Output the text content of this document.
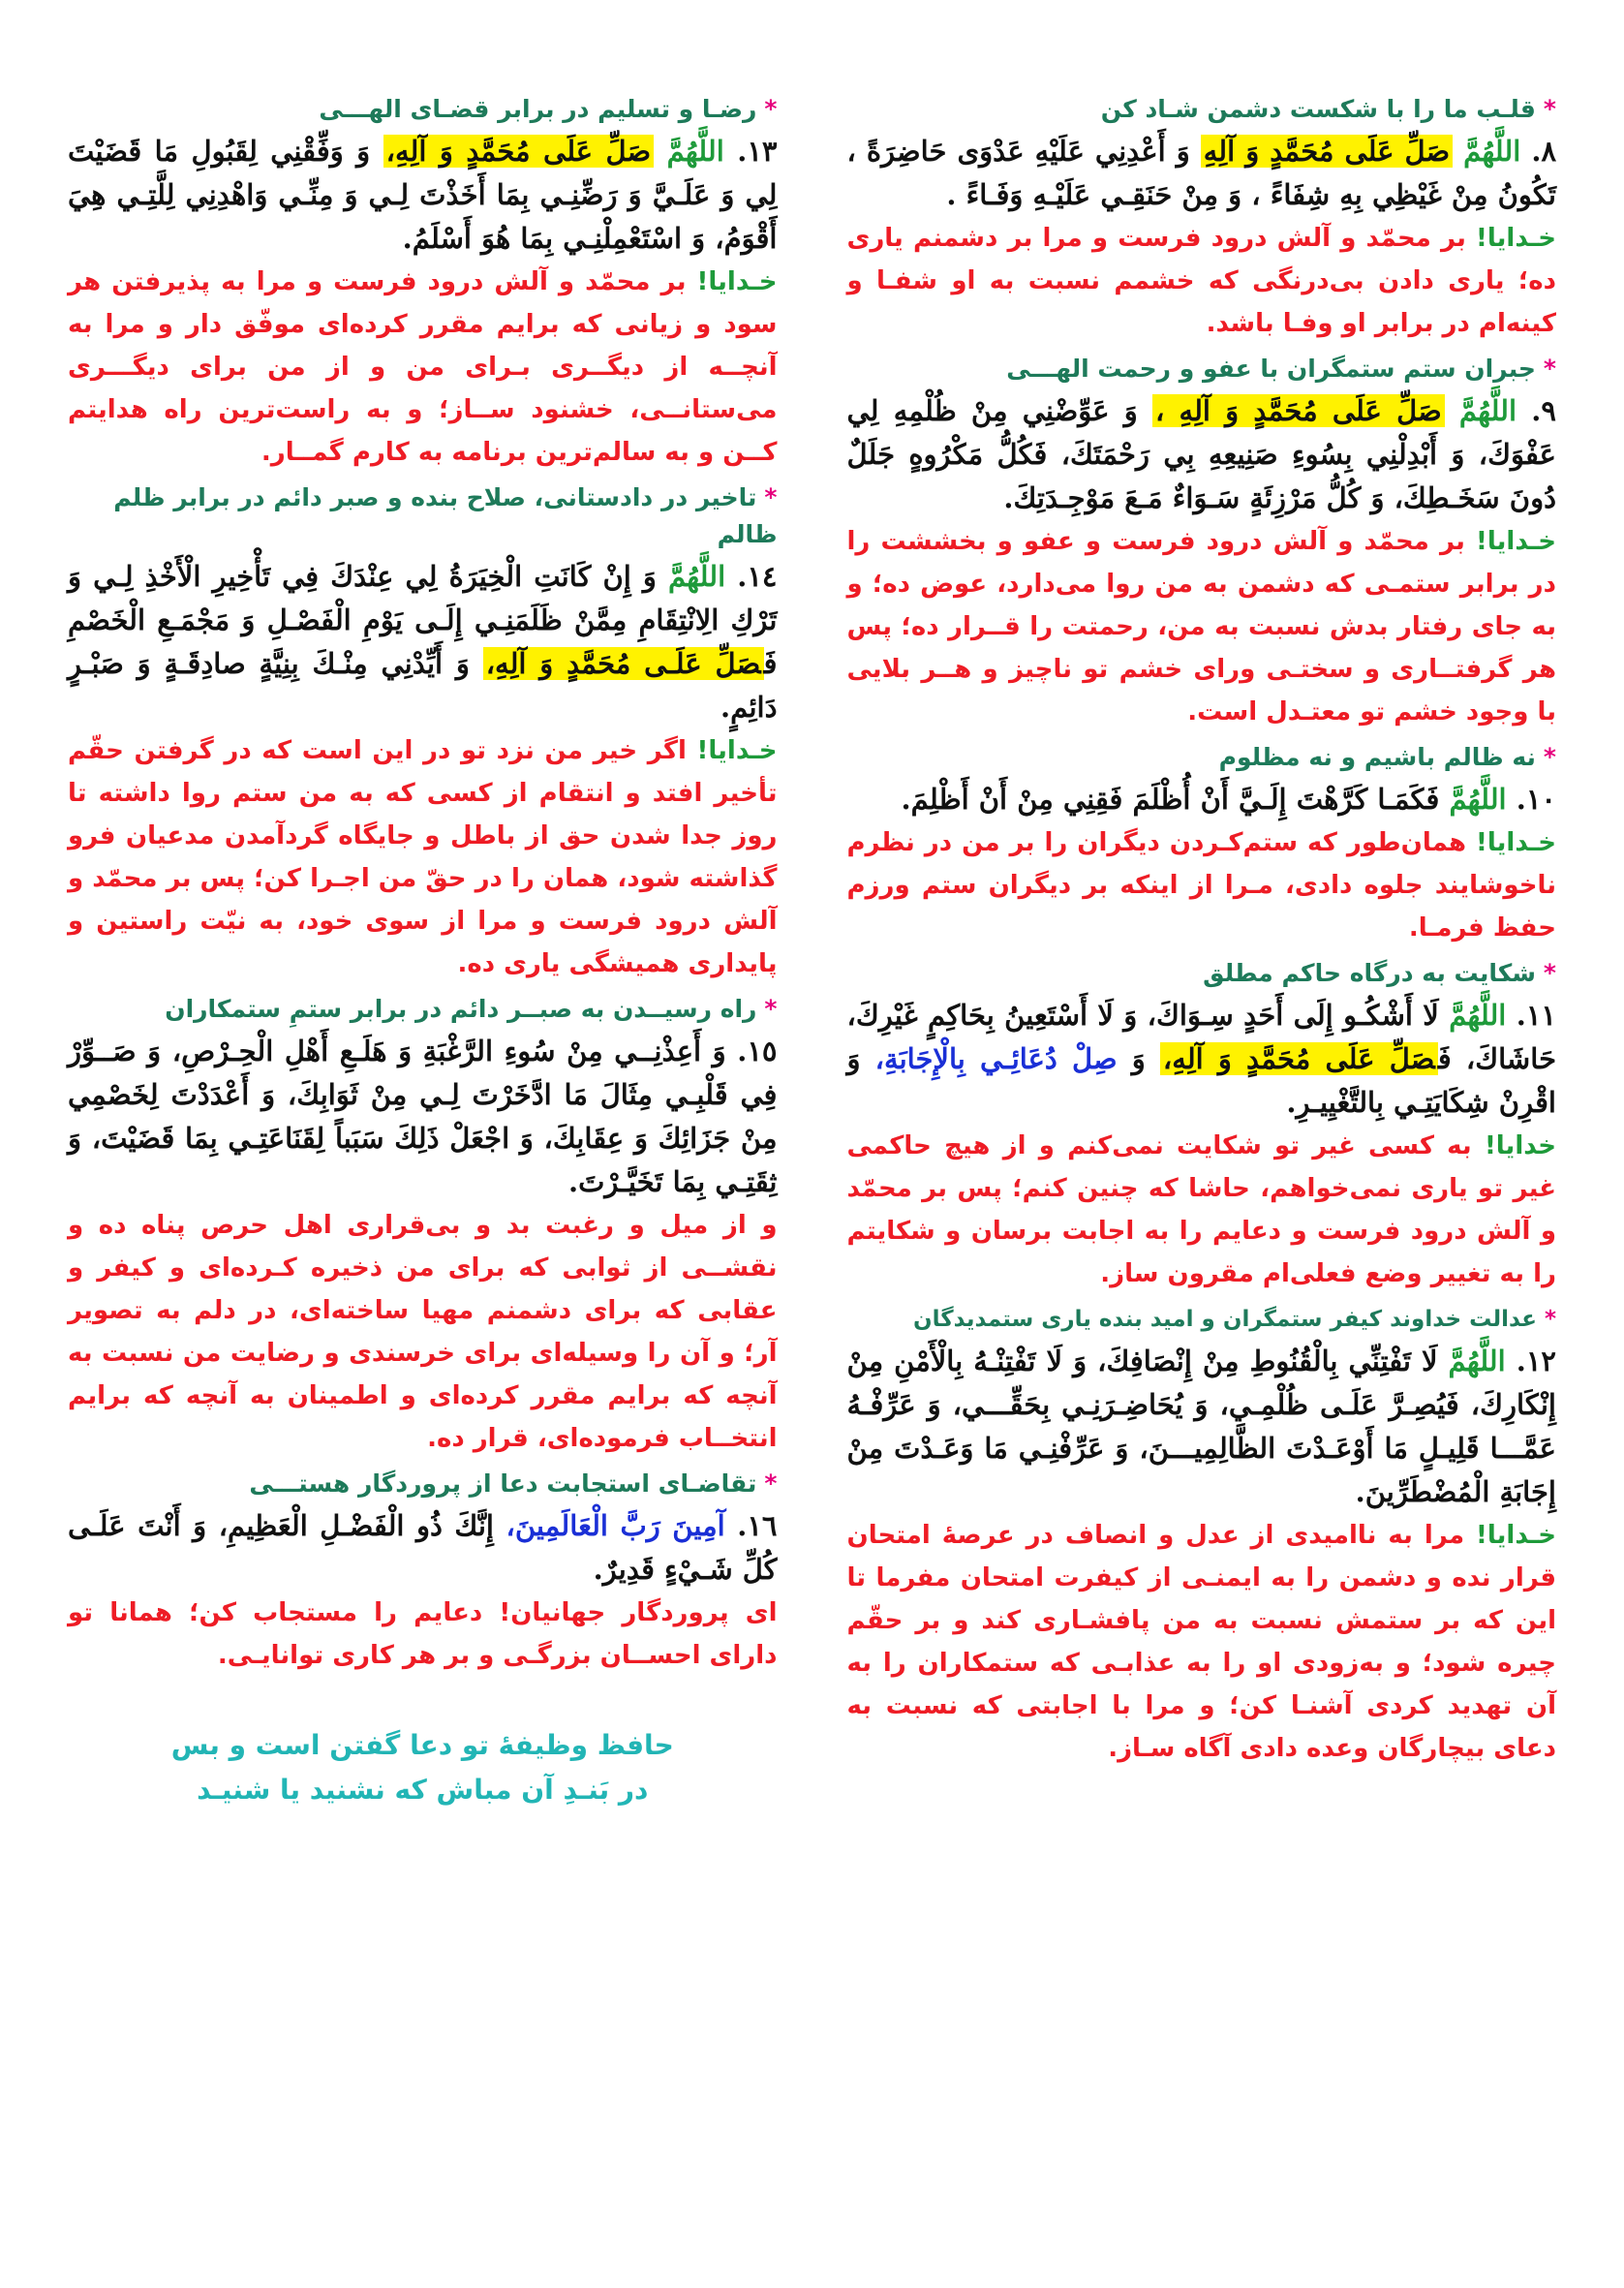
*قلـب ما را با شکست دشمن شـاد کن

٨. اللَّهُمَّ صَلِّ عَلَى مُحَمَّدٍ وَ آلِهِ وَ أَعْدِنِي عَلَيْهِ عَدْوَى حَاضِرَةً ، تَكُونُ مِنْ غَيْظِي بِهِ شِفَاءً ، وَ مِنْ حَنَقِـي عَلَيْـهِ وَفَـاءً .

خـدایا! بر محمّد و آلش درود فرست و مرا بر دشمنم یاری ده؛ یاری دادن بی‌درنگی که خشمم نسبت به او شفـا و کینه‌ام در برابر او وفـا باشد.

*جبران ستم ستمگران با عفو و رحمت الهـــی

٩. اللَّهُمَّ صَلِّ عَلَى مُحَمَّدٍ وَ آلِهِ ، وَ عَوِّضْنِي مِنْ ظُلْمِهِ لِي عَفْوَكَ، وَ أَبْدِلْنِي بِسُوءِ صَنِيعِهِ بِي رَحْمَتَكَ، فَكُلُّ مَكْرُوهٍ جَلَلٌ دُونَ سَخَـطِكَ، وَ كُلُّ مَرْزِئَةٍ سَـوَاءٌ مَـعَ مَوْجِـدَتِكَ.

خـدایا! بر محمّد و آلش درود فرست و عفو و بخششت را در برابر ستمـی که دشمن به من روا می‌دارد، عوض ده؛ و به جای رفتار بدش نسبت به من، رحمتت را قــرار ده؛ پس هر گرفتــاری و سختـی ورای خشم تو ناچیز و هــر بلایی با وجود خشم تو معتـدل است.

*نه ظالم باشیم و نه مظلوم

١٠. اللَّهُمَّ فَكَمَـا كَرَّهْتَ إِلَـيَّ أَنْ أُظْلَمَ فَقِنِي مِنْ أَنْ أَظْلِمَ.

خـدایا! همان‌طور که ستم‌کـردن دیگران را بر من در نظرم ناخوشایند جلوه دادی، مـرا از اینکه بر دیگران ستم ورزم حفظ فرمـا.

*شکایت به درگاه حاکم مطلق

١١. اللَّهُمَّ لَا أَشْكُـو إِلَى أَحَدٍ سِـوَاكَ، وَ لَا أَسْتَعِينُ بِحَاكِمٍ غَيْرِكَ، حَاشَاكَ، فَصَلِّ عَلَى مُحَمَّدٍ وَ آلِهِ، وَ صِلْ دُعَائِـي بِالْإِجَابَةِ، وَ اقْرِنْ شِكَايَتِـي بِالتَّغْيِيـرِ.

خدایا! به کسی غیر تو شکایت نمی‌کنم و از هیچ حاکمی غیر تو یاری نمی‌خواهم، حاشا که چنین کنم؛ پس بر محمّد و آلش درود فرست و دعایم را به اجابت برسان و شکایتم را به تغییر وضع فعلی‌ام مقرون ساز.

*عدالت خداوند کیفر ستمگران و امید بنده یاری ستمدیدگان

١٢. اللَّهُمَّ لَا تَفْتِنِّي بِالْقُنُوطِ مِنْ إِنْصَافِكَ، وَ لَا تَفْتِنْـهُ بِالْأَمْنِ مِنْ إِنْكَارِكَ، فَيُصِـرَّ عَلَـى ظُلْمِـي، وَ يُحَاضِـرَنِـي بِحَقِّـــي، وَ عَرِّفْـهُ عَمَّـــا قَلِيـلٍ مَا أَوْعَـدْتَ الظَّالِمِيـــنَ، وَ عَرِّفْنِـي مَا وَعَـدْتَ مِنْ إِجَابَةِ الْمُضْطَرِّينَ.

خـدایا! مرا به ناامیدی از عدل و انصاف در عرصهٔ امتحان قرار نده و دشمن را به ایمنـی از کیفرت امتحان مفرما تا این که بر ستمش نسبت به من پافشـاری کند و بر حقّم چیره شود؛ و به‌زودی او را به عذابـی که ستمکاران را به آن تهدید کردی آشنـا کن؛ و مرا با اجابتی که نسبت به دعای بیچارگان وعده دادی آگاه سـاز.

*رضـا و تسلیم در برابر قضـای الهـــی

١٣. اللَّهُمَّ صَلِّ عَلَى مُحَمَّدٍ وَ آلِهِ، وَ وَفِّقْنِي لِقَبُولِ مَا قَضَيْتَ لِي وَ عَلَـيَّ وَ رَضِّنِـي بِمَا أَخَذْتَ لِـي وَ مِنِّـي وَاهْدِنِي لِلَّتِـي هِيَ أَقْوَمُ، وَ اسْتَعْمِلْنِـي بِمَا هُوَ أَسْلَمُ.

خـدایا! بر محمّد و آلش درود فرست و مرا به پذیرفتن هر سود و زیانی که برایم مقرر کرده‌ای موفّق دار و مرا به آنچــه از دیگــری بـرای من و از من برای دیگـــری می‌ستانــی، خشنود ســاز؛ و به راست‌ترین راه هدایتم کــن و به سالم‌ترین برنامه به کارم گمــار.

*تاخیر در دادستانی، صلاح بنده و صبر دائم در برابر ظلم ظالم

١٤. اللَّهُمَّ وَ إِنْ كَانَتِ الْخِيَرَةُ لِي عِنْدَكَ فِي تَأْخِيرِ الْأَخْذِ لِـي وَ تَرْكِ الِانْتِقَامِ مِمَّنْ ظَلَمَنِـي إِلَـى يَوْمِ الْفَصْـلِ وَ مَجْمَـعِ الْخَصْمِ فَصَلِّ عَلَـى مُحَمَّدٍ وَ آلِهِ، وَ أَيِّدْنِي مِنْـكَ بِنِيَّةٍ صادِقَـةٍ وَ صَبْـرٍ دَائِمٍ.

خـدایا! اگر خیر من نزد تو در این است که در گرفتن حقّم تأخیر افتد و انتقام از کسی که به من ستم روا داشته تا روز جدا شدن حق از باطل و جایگاه گردآمدن مدعیان فرو گذاشته شود، همان را در حقّ من اجـرا کن؛ پس بر محمّد و آلش درود فرست و مرا از سوی خود، به نیّت راستین و پایداری همیشگی یاری ده.

*راه رسیــدن به صبــر دائم در برابر ستمِ ستمکاران

١٥. وَ أَعِذْنِــي مِنْ سُوءِ الرَّغْبَةِ وَ هَلَـعِ أَهْلِ الْحِـرْصِ، وَ صَــوِّرْ فِي قَلْبِـي مِثَالَ مَا ادَّخَرْتَ لِـي مِنْ ثَوَابِكَ، وَ أَعْدَدْتَ لِخَصْمِي مِنْ جَزَائِكَ وَ عِقَابِكَ، وَ اجْعَلْ ذَلِكَ سَبَباً لِقَنَاعَتِـي بِمَا قَضَيْتَ، وَ ثِقَتِـي بِمَا تَخَيَّـرْتَ.

و از میل و رغبت بد و بی‌قراری اهل حرص پناه ده و نقشــی از ثوابی که برای من ذخیره کـرده‌ای و کیفر و عقابی که برای دشمنم مهیا ساخته‌ای، در دلم به تصویر آر؛ و آن را وسیله‌ای برای خرسندی و رضایت من نسبت به آنچه که برایم مقرر کرده‌ای و اطمینان به آنچه که برایم انتخــاب فرموده‌ای، قرار ده.

*تقاضـای استجابت دعا از پروردگار هستـــی

١٦. آمِينَ رَبَّ الْعَالَمِينَ، إِنَّكَ ذُو الْفَضْـلِ الْعَظِيمِ، وَ أَنْتَ عَلَـى كُلِّ شَـيْءٍ قَدِيرٌ.

ای پروردگار جهانیان! دعایم را مستجاب کن؛ همانا تو دارای احســان بزرگـی و بر هر کاری توانایـی.

حافظ وظیفهٔ تو دعا گفتن است و بس
در بَنـدِ آن مباش که نشنید یا شنیـد
